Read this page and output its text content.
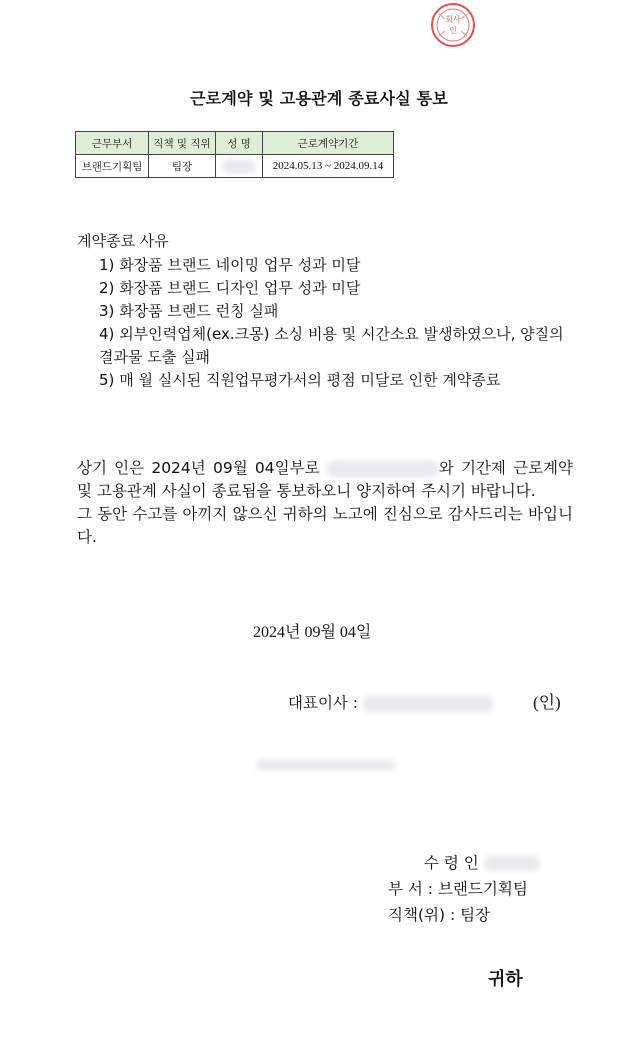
회사
인
근로계약 및 고용관계 종료사실 통보
근무부서	직책 및 직위	성 명	근로계약기간
브랜드기획팀	팀장		2024.05.13 ~ 2024.09.14
계약종료 사유
1) 화장품 브랜드 네이밍 업무 성과 미달
2) 화장품 브랜드 디자인 업무 성과 미달
3) 화장품 브랜드 런칭 실패
4) 외부인력업체(ex.크몽) 소싱 비용 및 시간소요 발생하였으나, 양질의 결과물 도출 실패
5) 매 월 실시된 직원업무평가서의 평점 미달로 인한 계약종료

상기 인은 2024년 09월 04일부로	와 기간제 근로계약 및 고용관계 사실이 종료됨을 통보하오니 양지하여 주시기 바랍니다.

그 동안 수고를 아끼지 않으신 귀하의 노고에 진심으로 감사드리는 바입니다.

2024년 09월 04일
대표이사 :	(인)
수 령 인
부 서 : 브랜드기획팀
직책(위) : 팀장
귀하
